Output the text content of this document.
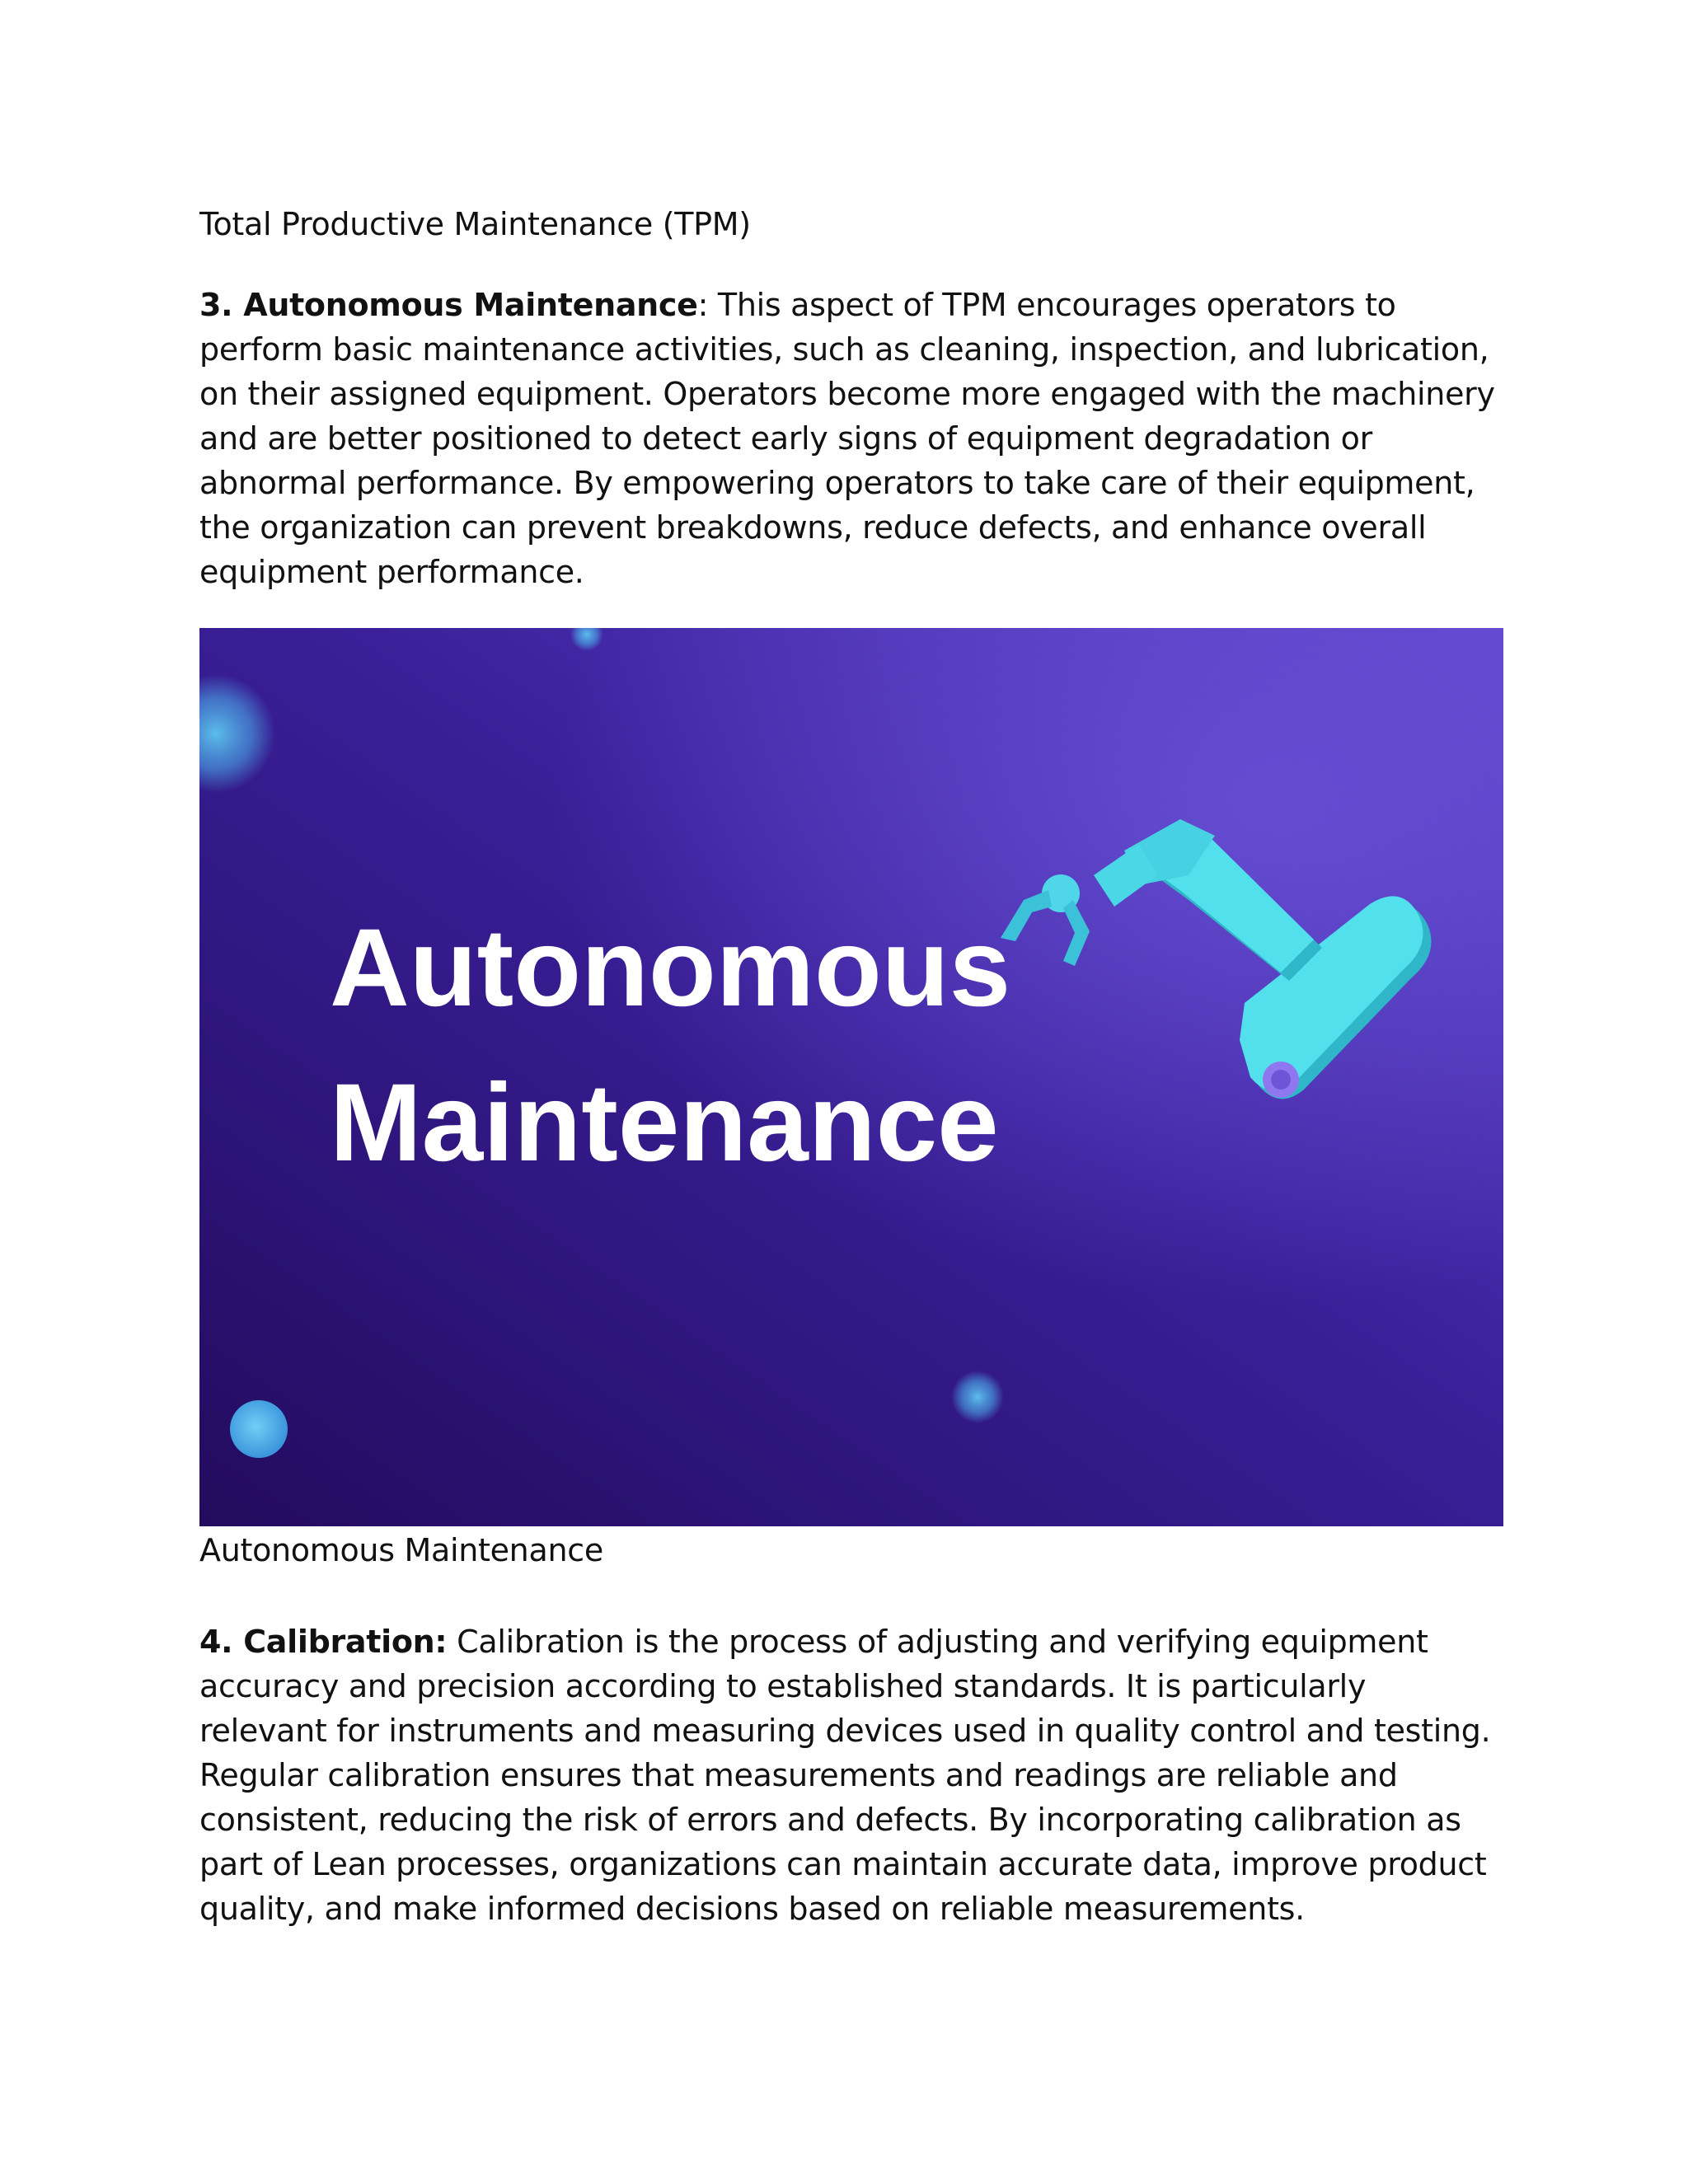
Total Productive Maintenance (TPM)

3. Autonomous Maintenance: This aspect of TPM encourages operators to perform basic maintenance activities, such as cleaning, inspection, and lubrication, on their assigned equipment. Operators become more engaged with the machinery and are better positioned to detect early signs of equipment degradation or abnormal performance. By empowering operators to take care of their equipment, the organization can prevent breakdowns, reduce defects, and enhance overall equipment performance.

Autonomous
Maintenance
Autonomous Maintenance

4. Calibration: Calibration is the process of adjusting and verifying equipment accuracy and precision according to established standards. It is particularly relevant for instruments and measuring devices used in quality control and testing. Regular calibration ensures that measurements and readings are reliable and consistent, reducing the risk of errors and defects. By incorporating calibration as part of Lean processes, organizations can maintain accurate data, improve product quality, and make informed decisions based on reliable measurements.
